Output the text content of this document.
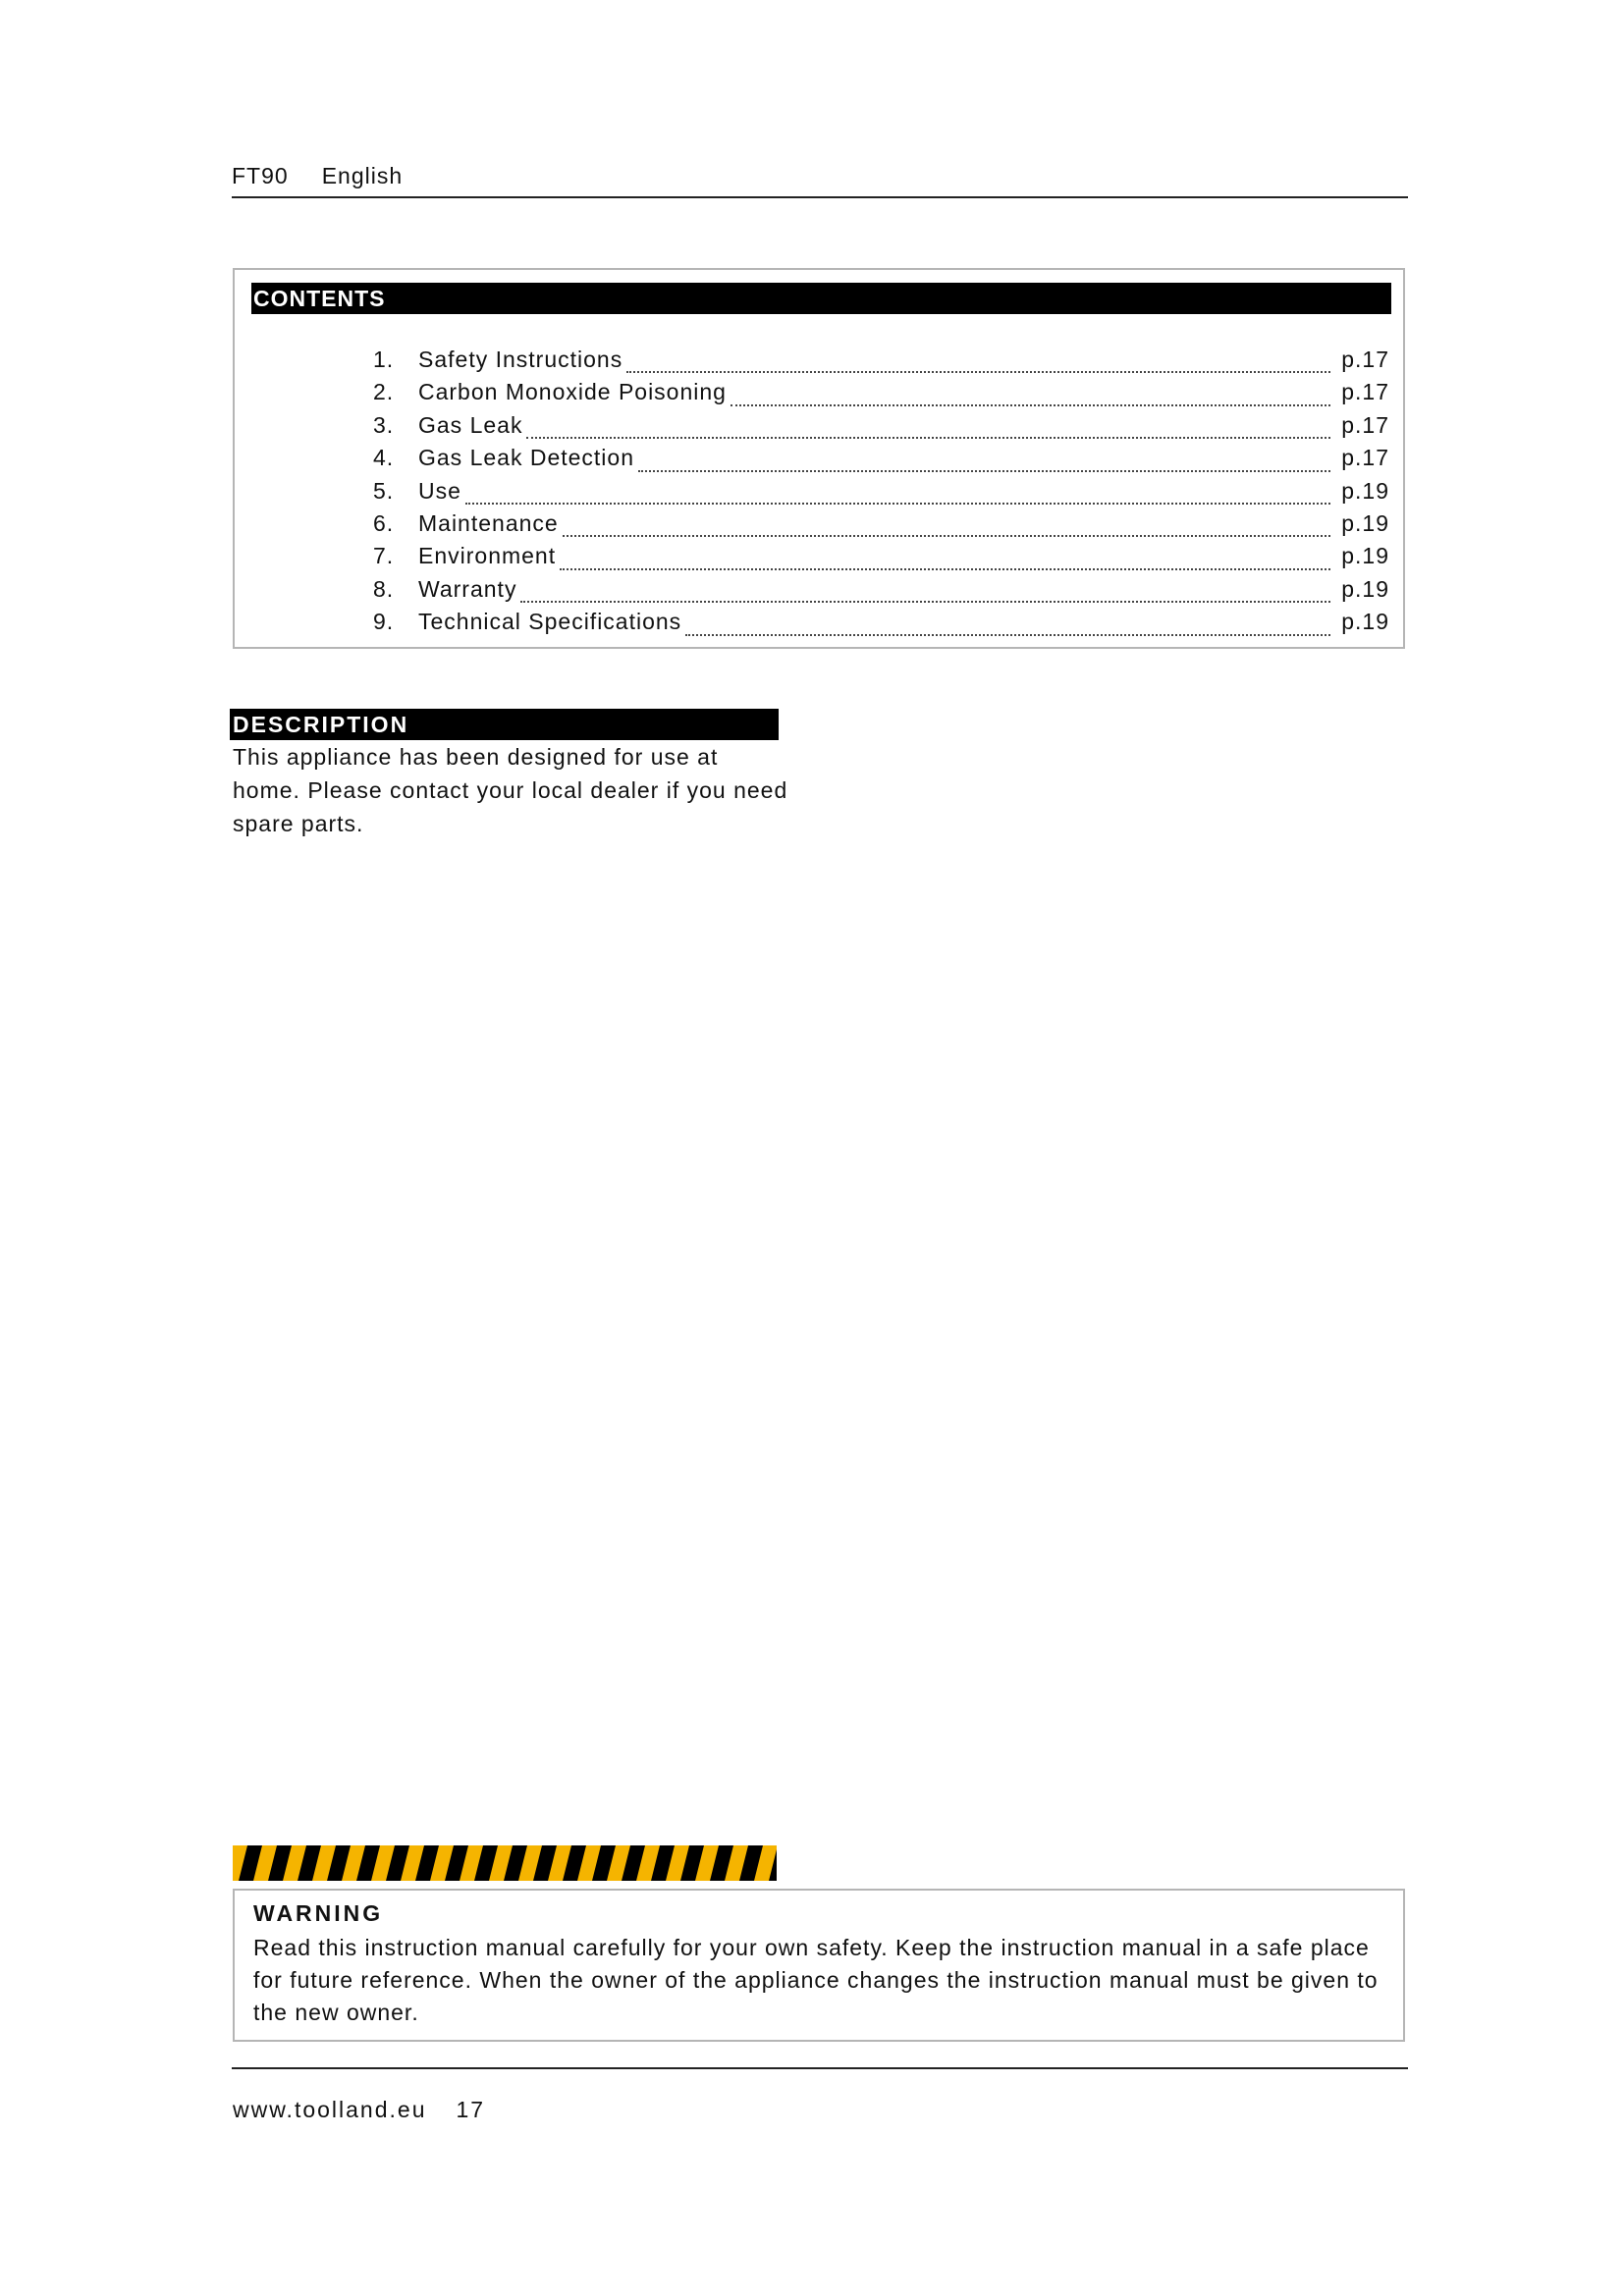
FT90 English
CONTENTS
1.	Safety Instructions	p.17
2.	Carbon Monoxide Poisoning	p.17
3.	Gas Leak	p.17
4.	Gas Leak Detection	p.17
5.	Use	p.19
6.	Maintenance	p.19
7.	Environment	p.19
8.	Warranty	p.19
9.	Technical Specifications	p.19
DESCRIPTION

This appliance has been designed for use at home. Please contact your local dealer if you need spare parts.

WARNING

Read this instruction manual carefully for your own safety. Keep the instruction manual in a safe place for future reference. When the owner of the appliance changes the instruction manual must be given to the new owner.

www.toolland.eu 17
